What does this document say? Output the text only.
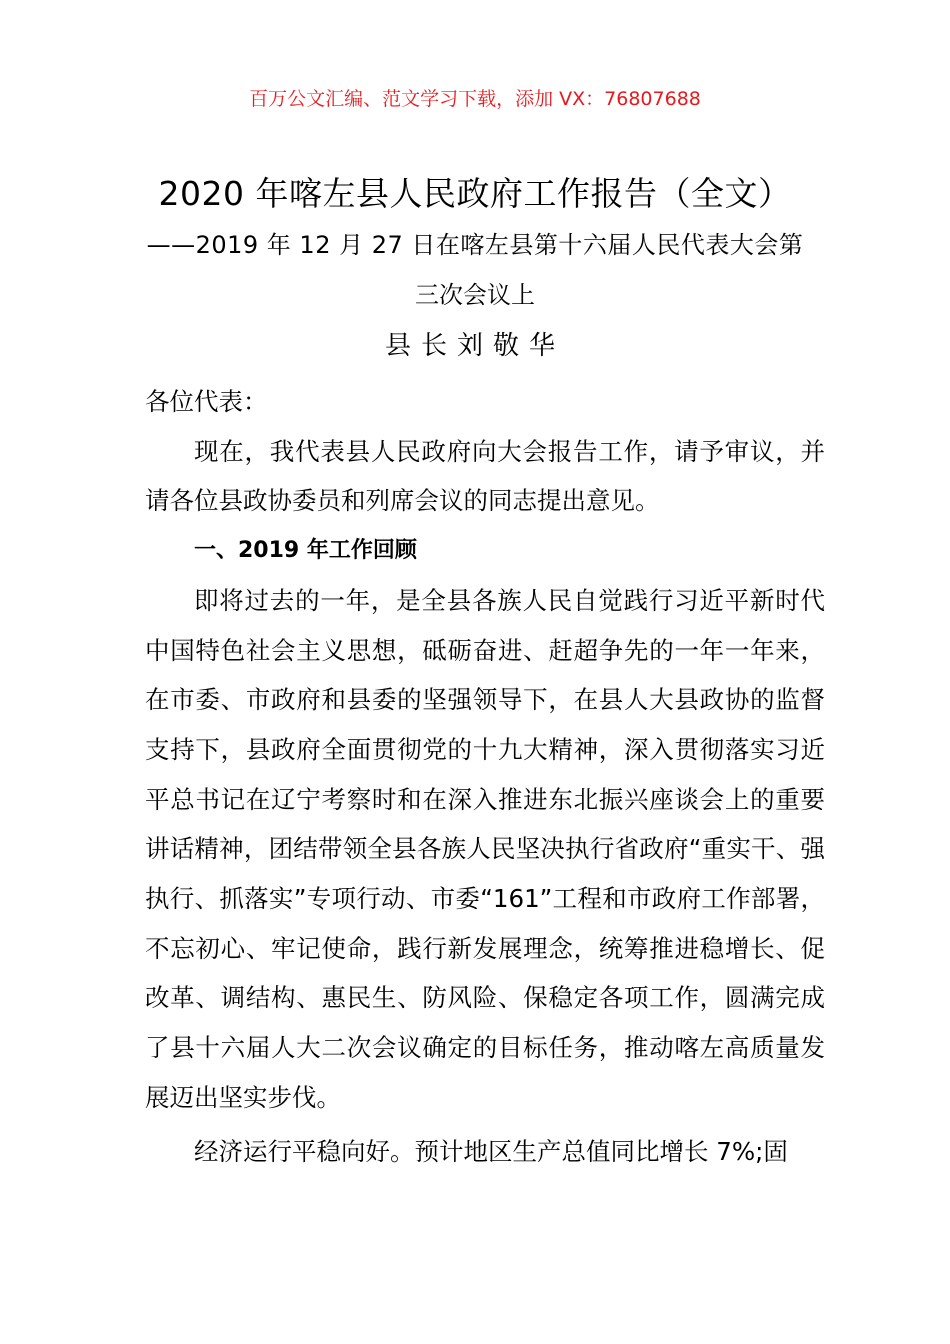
百万公文汇编、范文学习下载，添加 VX：76807688
2020 年喀左县人民政府工作报告（全文）
——2019 年 12 月 27 日在喀左县第十六届人民代表大会第
三次会议上
县长刘敬华

各位代表：

现在，我代表县人民政府向大会报告工作，请予审议，并请各位县政协委员和列席会议的同志提出意见。

一、2019 年工作回顾

即将过去的一年，是全县各族人民自觉践行习近平新时代中国特色社会主义思想，砥砺奋进、赶超争先的一年一年来，在市委、市政府和县委的坚强领导下，在县人大县政协的监督支持下，县政府全面贯彻党的十九大精神，深入贯彻落实习近平总书记在辽宁考察时和在深入推进东北振兴座谈会上的重要讲话精神，团结带领全县各族人民坚决执行省政府“重实干、强执行、抓落实”专项行动、市委“161”工程和市政府工作部署，不忘初心、牢记使命，践行新发展理念，统筹推进稳增长、促改革、调结构、惠民生、防风险、保稳定各项工作，圆满完成了县十六届人大二次会议确定的目标任务，推动喀左高质量发展迈出坚实步伐。

经济运行平稳向好。预计地区生产总值同比增长 7%;固
